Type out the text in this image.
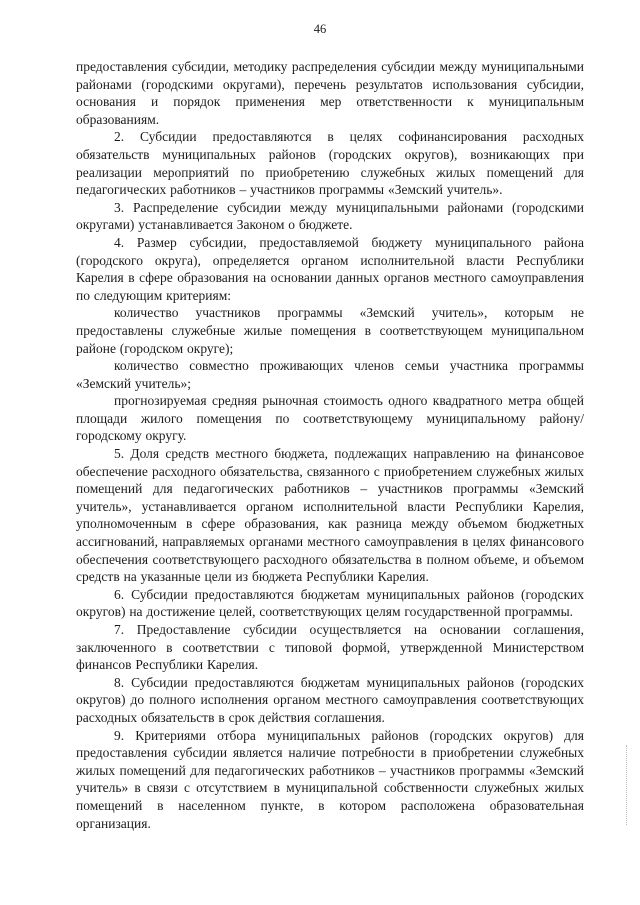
46

предоставления субсидии, методику распределения субсидии между муниципальными районами (городскими округами), перечень результатов использования субсидии, основания и порядок применения мер ответственности к муниципальным образованиям.

2. Субсидии предоставляются в целях софинансирования расходных обязательств муниципальных районов (городских округов), возникающих при реализации мероприятий по приобретению служебных жилых помещений для педагогических работников – участников программы «Земский учитель».

3. Распределение субсидии между муниципальными районами (городскими округами) устанавливается Законом о бюджете.

4. Размер субсидии, предоставляемой бюджету муниципального района (городского округа), определяется органом исполнительной власти Республики Карелия в сфере образования на основании данных органов местного самоуправления по следующим критериям:

количество участников программы «Земский учитель», которым не предоставлены служебные жилые помещения в соответствующем муниципальном районе (городском округе);

количество совместно проживающих членов семьи участника программы «Земский учитель»;

прогнозируемая средняя рыночная стоимость одного квадратного метра общей площади жилого помещения по соответствующему муниципальному району/городскому округу.

5. Доля средств местного бюджета, подлежащих направлению на финансовое обеспечение расходного обязательства, связанного с приобретением служебных жилых помещений для педагогических работников – участников программы «Земский учитель», устанавливается органом исполнительной власти Республики Карелия, уполномоченным в сфере образования, как разница между объемом бюджетных ассигнований, направляемых органами местного самоуправления в целях финансового обеспечения соответствующего расходного обязательства в полном объеме, и объемом средств на указанные цели из бюджета Республики Карелия.

6. Субсидии предоставляются бюджетам муниципальных районов (городских округов) на достижение целей, соответствующих целям государственной программы.

7. Предоставление субсидии осуществляется на основании соглашения, заключенного в соответствии с типовой формой, утвержденной Министерством финансов Республики Карелия.

8. Субсидии предоставляются бюджетам муниципальных районов (городских округов) до полного исполнения органом местного самоуправления соответствующих расходных обязательств в срок действия соглашения.

9. Критериями отбора муниципальных районов (городских округов) для предоставления субсидии является наличие потребности в приобретении служебных жилых помещений для педагогических работников – участников программы «Земский учитель» в связи с отсутствием в муниципальной собственности служебных жилых помещений в населенном пункте, в котором расположена образовательная организация.
